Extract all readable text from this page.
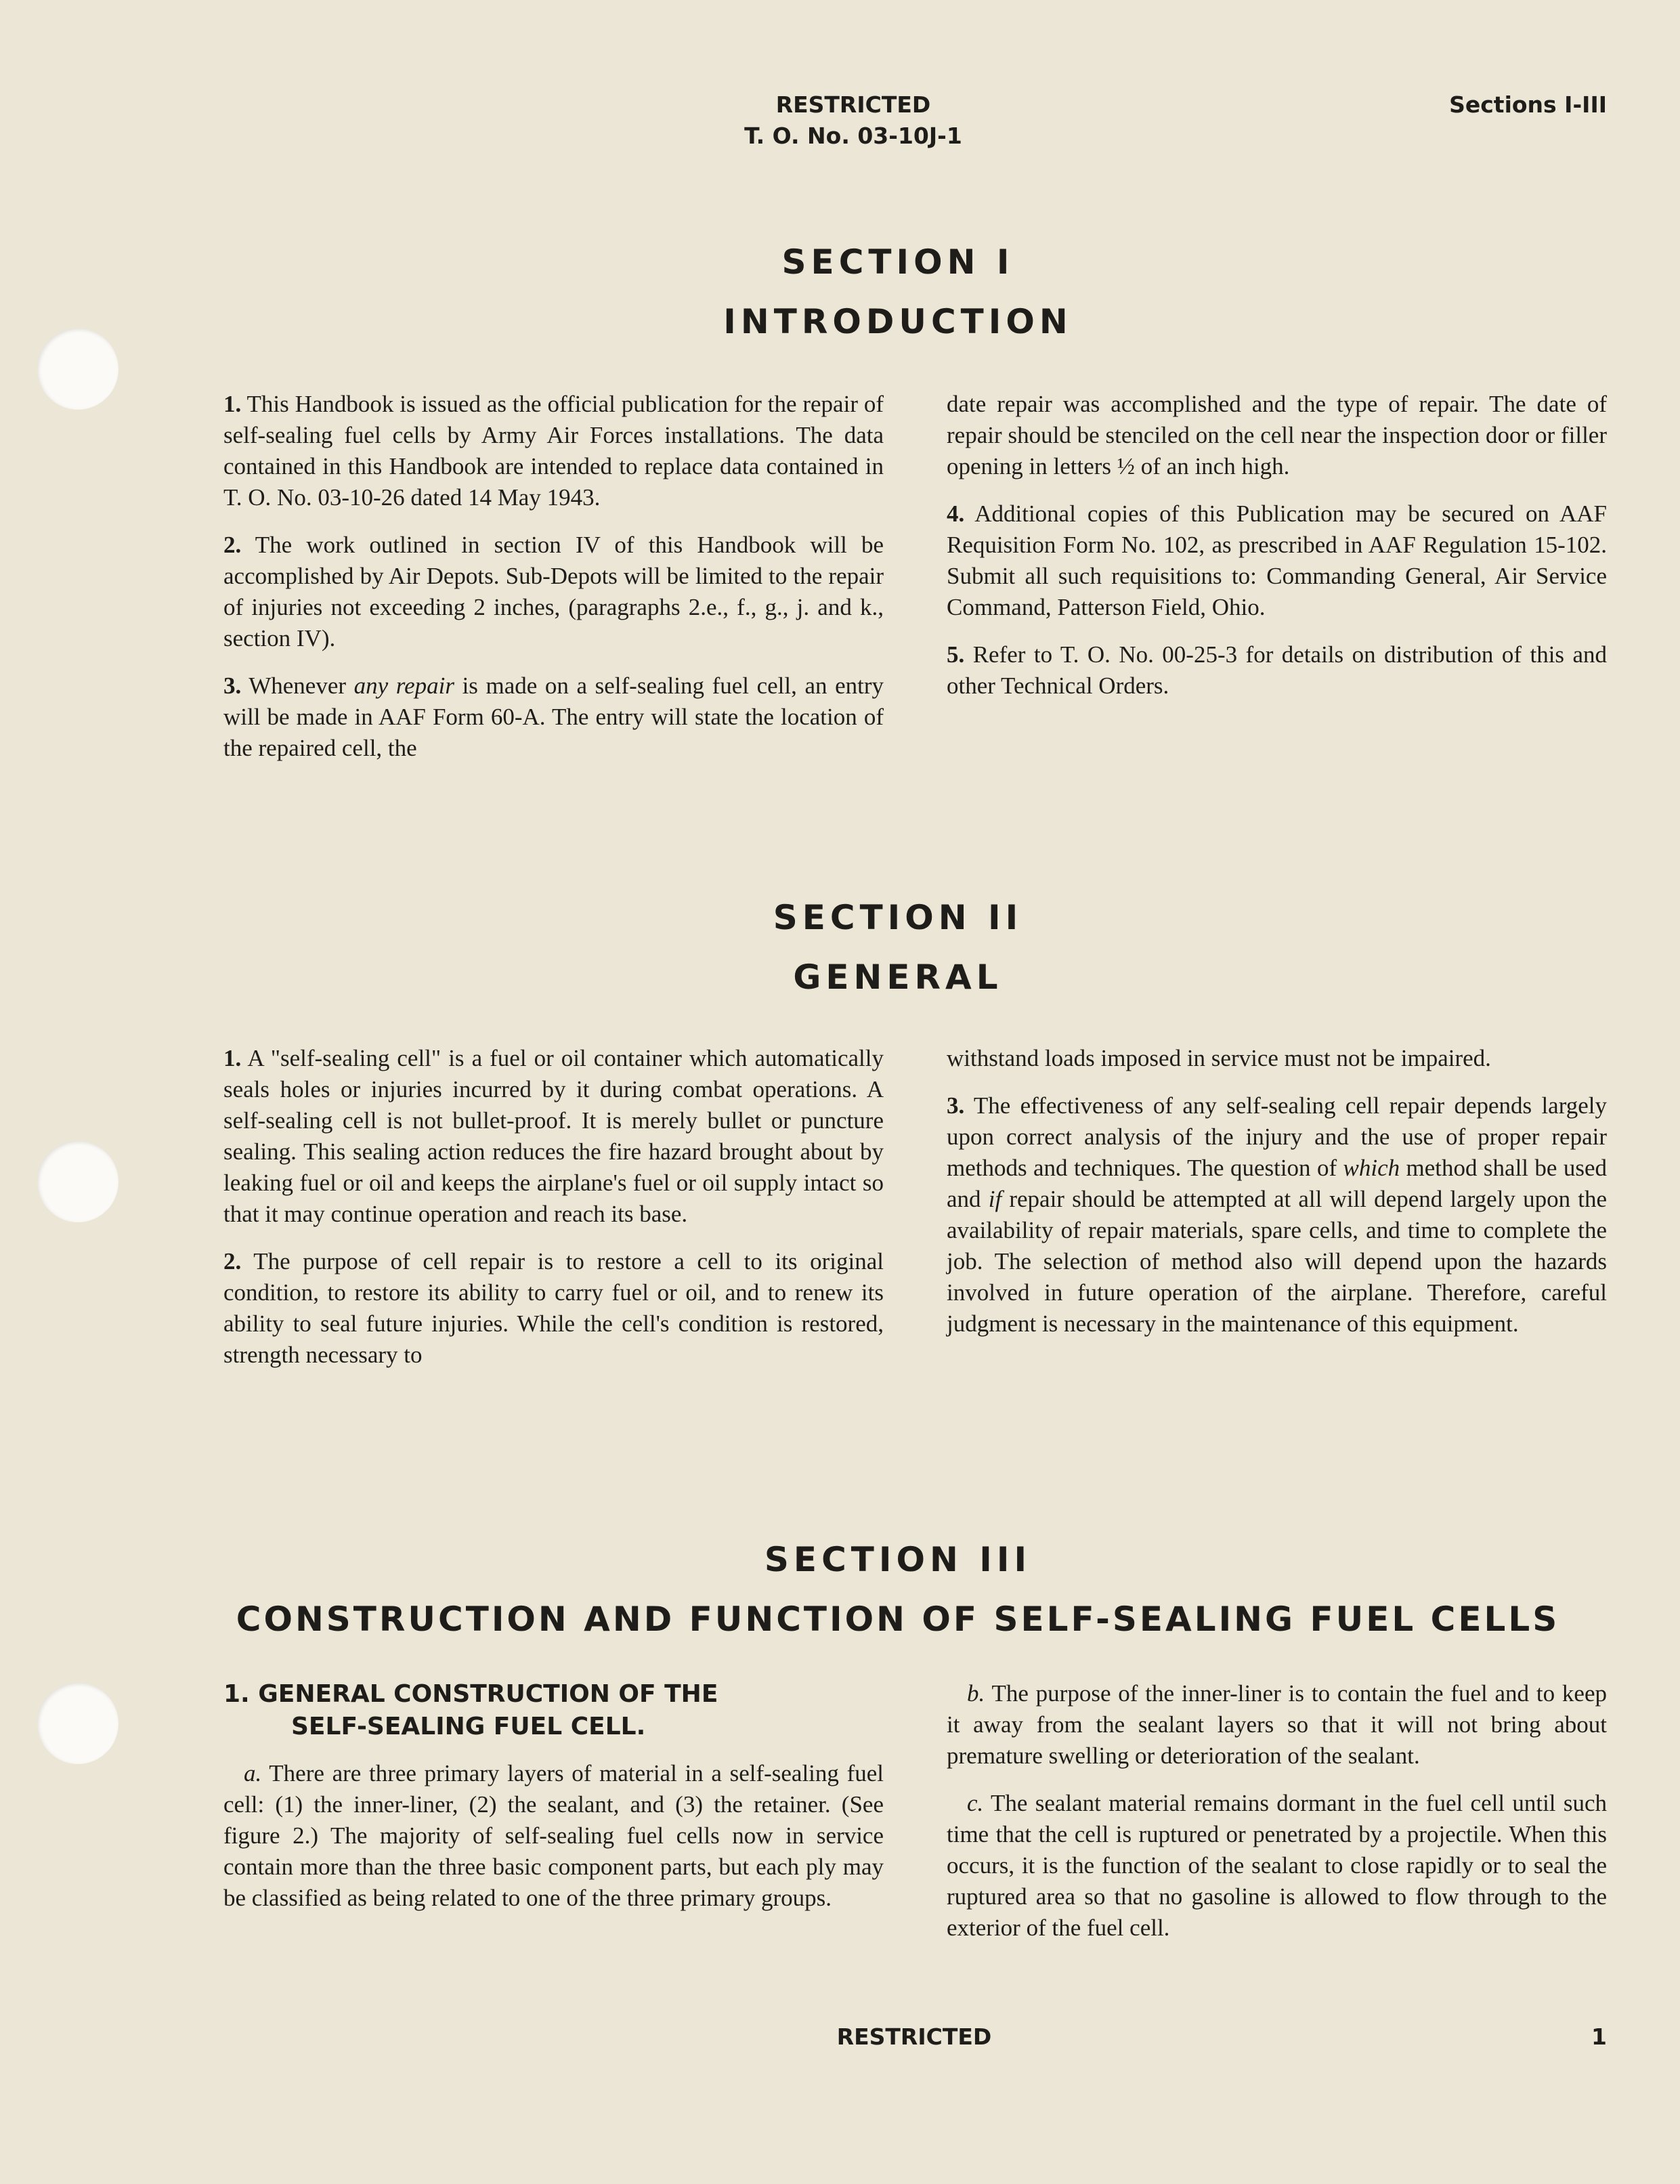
RESTRICTED
T. O. No. 03-10J-1
Sections I-III
SECTION I
INTRODUCTION

1. This Handbook is issued as the official publication for the repair of self-sealing fuel cells by Army Air Forces installations. The data contained in this Handbook are intended to replace data contained in T. O. No. 03-10-26 dated 14 May 1943.

2. The work outlined in section IV of this Handbook will be accomplished by Air Depots. Sub-Depots will be limited to the repair of injuries not exceeding 2 inches, (paragraphs 2.e., f., g., j. and k., section IV).

3. Whenever any repair is made on a self-sealing fuel cell, an entry will be made in AAF Form 60-A. The entry will state the location of the repaired cell, the

date repair was accomplished and the type of repair. The date of repair should be stenciled on the cell near the inspection door or filler opening in letters ½ of an inch high.

4. Additional copies of this Publication may be secured on AAF Requisition Form No. 102, as prescribed in AAF Regulation 15-102. Submit all such requisitions to: Commanding General, Air Service Command, Patterson Field, Ohio.

5. Refer to T. O. No. 00-25-3 for details on distribution of this and other Technical Orders.

SECTION II
GENERAL

1. A "self-sealing cell" is a fuel or oil container which automatically seals holes or injuries incurred by it during combat operations. A self-sealing cell is not bullet-proof. It is merely bullet or puncture sealing. This sealing action reduces the fire hazard brought about by leaking fuel or oil and keeps the airplane's fuel or oil supply intact so that it may continue operation and reach its base.

2. The purpose of cell repair is to restore a cell to its original condition, to restore its ability to carry fuel or oil, and to renew its ability to seal future injuries. While the cell's condition is restored, strength necessary to

withstand loads imposed in service must not be impaired.

3. The effectiveness of any self-sealing cell repair depends largely upon correct analysis of the injury and the use of proper repair methods and techniques. The question of which method shall be used and if repair should be attempted at all will depend largely upon the availability of repair materials, spare cells, and time to complete the job. The selection of method also will depend upon the hazards involved in future operation of the airplane. Therefore, careful judgment is necessary in the maintenance of this equipment.

SECTION III
CONSTRUCTION AND FUNCTION OF SELF-SEALING FUEL CELLS
1. GENERAL CONSTRUCTION OF THE
SELF-SEALING FUEL CELL.

a. There are three primary layers of material in a self-sealing fuel cell: (1) the inner-liner, (2) the sealant, and (3) the retainer. (See figure 2.) The majority of self-sealing fuel cells now in service contain more than the three basic component parts, but each ply may be classified as being related to one of the three primary groups.

b. The purpose of the inner-liner is to contain the fuel and to keep it away from the sealant layers so that it will not bring about premature swelling or deterioration of the sealant.

c. The sealant material remains dormant in the fuel cell until such time that the cell is ruptured or penetrated by a projectile. When this occurs, it is the function of the sealant to close rapidly or to seal the ruptured area so that no gasoline is allowed to flow through to the exterior of the fuel cell.

RESTRICTED	1
